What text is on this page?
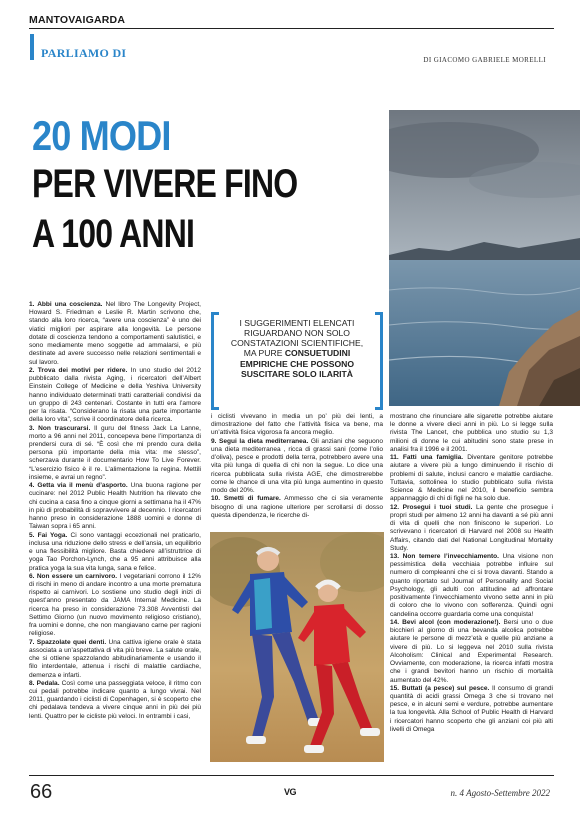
MANTOVAIGARDA
PARLIAMO DI	DI GIACOMO GABRIELE MORELLI
20 MODI
PER VIVERE FINO
A 100 ANNI
I SUGGERIMENTI ELENCATI RIGUARDANO NON SOLO CONSTATAZIONI SCIENTIFICHE, MA PURE CONSUETUDINI EMPIRICHE CHE POSSONO SUSCITARE SOLO ILARITÀ

1. Abbi una coscienza. Nel libro The Longevity Project, Howard S. Friedman e Leslie R. Martin scrivono che, stando alla loro ricerca, “avere una coscienza” è uno dei viatici migliori per aspirare alla longevità. Le persone dotate di coscienza tendono a comportamenti salutistici, e sono mediamente meno soggette ad ammalarsi, e più destinate ad avere successo nelle relazioni sentimentali e sul lavoro.

2. Trova dei motivi per ridere. In uno studio del 2012 pubblicato dalla rivista Aging, i ricercatori dell’Albert Einstein College of Medicine e della Yeshiva University hanno individuato determinati tratti caratteriali condivisi da un gruppo di 243 centenari. Costante in tutti era l’amore per la risata. “Considerano la risata una parte importante della loro vita”, scrive il coordinatore della ricerca.

3. Non trascurarsi. Il guru del fitness Jack La Lanne, morto a 96 anni nel 2011, concepeva bene l’importanza di prendersi cura di sé. “È così che mi prendo cura della persona più importante della mia vita: me stesso”, scherzava durante il documentario How To Live Forever. “L’esercizio fisico è il re. L’alimentazione la regina. Mettili insieme, e avrai un regno”.

4. Getta via il menù d’asporto. Una buona ragione per cucinare: nel 2012 Public Health Nutrition ha rilevato che chi cucina a casa fino a cinque giorni a settimana ha il 47% in più di probabilità di sopravvivere al decennio. I ricercatori hanno preso in considerazione 1888 uomini e donne di Taiwan sopra i 65 anni.

5. Fai Yoga. Ci sono vantaggi eccezionali nel praticarlo, inclusa una riduzione dello stress e dell’ansia, un equilibrio e una flessibilità migliore. Basta chiedere all’istruttrice di yoga Tao Porchon-Lynch, che a 95 anni attribuisce alla pratica yoga la sua vita lunga, sana e felice.

6. Non essere un carnivoro. I vegetariani corrono il 12% di rischi in meno di andare incontro a una morte prematura rispetto ai carnivori. Lo sostiene uno studio degli inizi di quest’anno presentato da JAMA Internal Medicine. La ricerca ha preso in considerazione 73.308 Avventisti del Settimo Giorno (un nuovo movimento religioso cristiano), fra uomini e donne, che non mangiavano carne per ragioni religiose.

7. Spazzolate quei denti. Una cattiva igiene orale è stata associata a un’aspettativa di vita più breve. La salute orale, che si ottiene spazzolando abitudinariamente e usando il filo interdentale, attenua i rischi di malattie cardiache, demenza e infarti.

8. Pedala. Così come una passeggiata veloce, il ritmo con cui pedali potrebbe indicare quanto a lungo vivrai. Nel 2011, guardando i ciclisti di Copenhagen, si è scoperto che chi pedalava tendeva a vivere cinque anni in più dei più lenti. Quattro per le cicliste più veloci. In entrambi i casi,

i ciclisti vivevano in media un po’ più dei lenti, a dimostrazione del fatto che l’attività fisica va bene, ma un’attività fisica vigorosa fa ancora meglio.

9. Segui la dieta mediterranea. Gli anziani che seguono una dieta mediterranea , ricca di grassi sani (come l’olio d’oliva), pesce e prodotti della terra, potrebbero avere una vita più lunga di quella di chi non la segue. Lo dice una ricerca pubblicata sulla rivista AGE, che dimostrerebbe come le chance di una vita più lunga aumentino in questo modo del 20%.

10. Smetti di fumare. Ammesso che ci sia veramente bisogno di una ragione ulteriore per scrollarsi di dosso questa dipendenza, le ricerche di-

mostrano che rinunciare alle sigarette potrebbe aiutare le donne a vivere dieci anni in più. Lo si legge sulla rivista The Lancet, che pubblica uno studio su 1,3 milioni di donne le cui abitudini sono state prese in analisi fra il 1996 e il 2001.

11. Fatti una famiglia. Diventare genitore potrebbe aiutare a vivere più a lungo diminuendo il rischio di problemi di salute, inclusi cancro e malattie cardiache. Tuttavia, sottolinea lo studio pubblicato sulla rivista Science & Medicine nel 2010, il beneficio sembra appannaggio di chi di figli ne ha solo due.

12. Prosegui i tuoi studi. La gente che prosegue i propri studi per almeno 12 anni ha davanti a sé più anni di vita di quelli che non finiscono le superiori. Lo scrivevano i ricercatori di Harvard nel 2008 su Health Affairs, citando dati del National Longitudinal Mortality Study.

13. Non temere l’invecchiamento. Una visione non pessimistica della vecchiaia potrebbe influire sul numero di compleanni che ci si trova davanti. Stando a quanto riportato sul Journal of Personality and Social Psychology, gli adulti con attitudine ad affrontare positivamente l’invecchiamento vivono sette anni in più di coloro che lo vivono con sofferenza. Quindi ogni candelina occorre guardarla come una conquista!

14. Bevi alcol (con moderazione!). Bersi uno o due bicchieri al giorno di una bevanda alcolica potrebbe aiutare le persone di mezz’età e quelle più anziane a vivere di più. Lo si leggeva nel 2010 sulla rivista Alcoholism: Clinical and Experimental Research. Ovviamente, con moderazione, la ricerca infatti mostra che i grandi bevitori hanno un rischio di mortalità aumentato del 42%.

15. Buttati (a pesce) sul pesce. Il consumo di grandi quantità di acidi grassi Omega 3 che si trovano nel pesce, e in alcuni semi e verdure, potrebbe aumentare la tua longevità. Alla School of Public Health di Harvard i ricercatori hanno scoperto che gli anziani coi più alti livelli di Omega

66	VG	n. 4 Agosto-Settembre 2022
